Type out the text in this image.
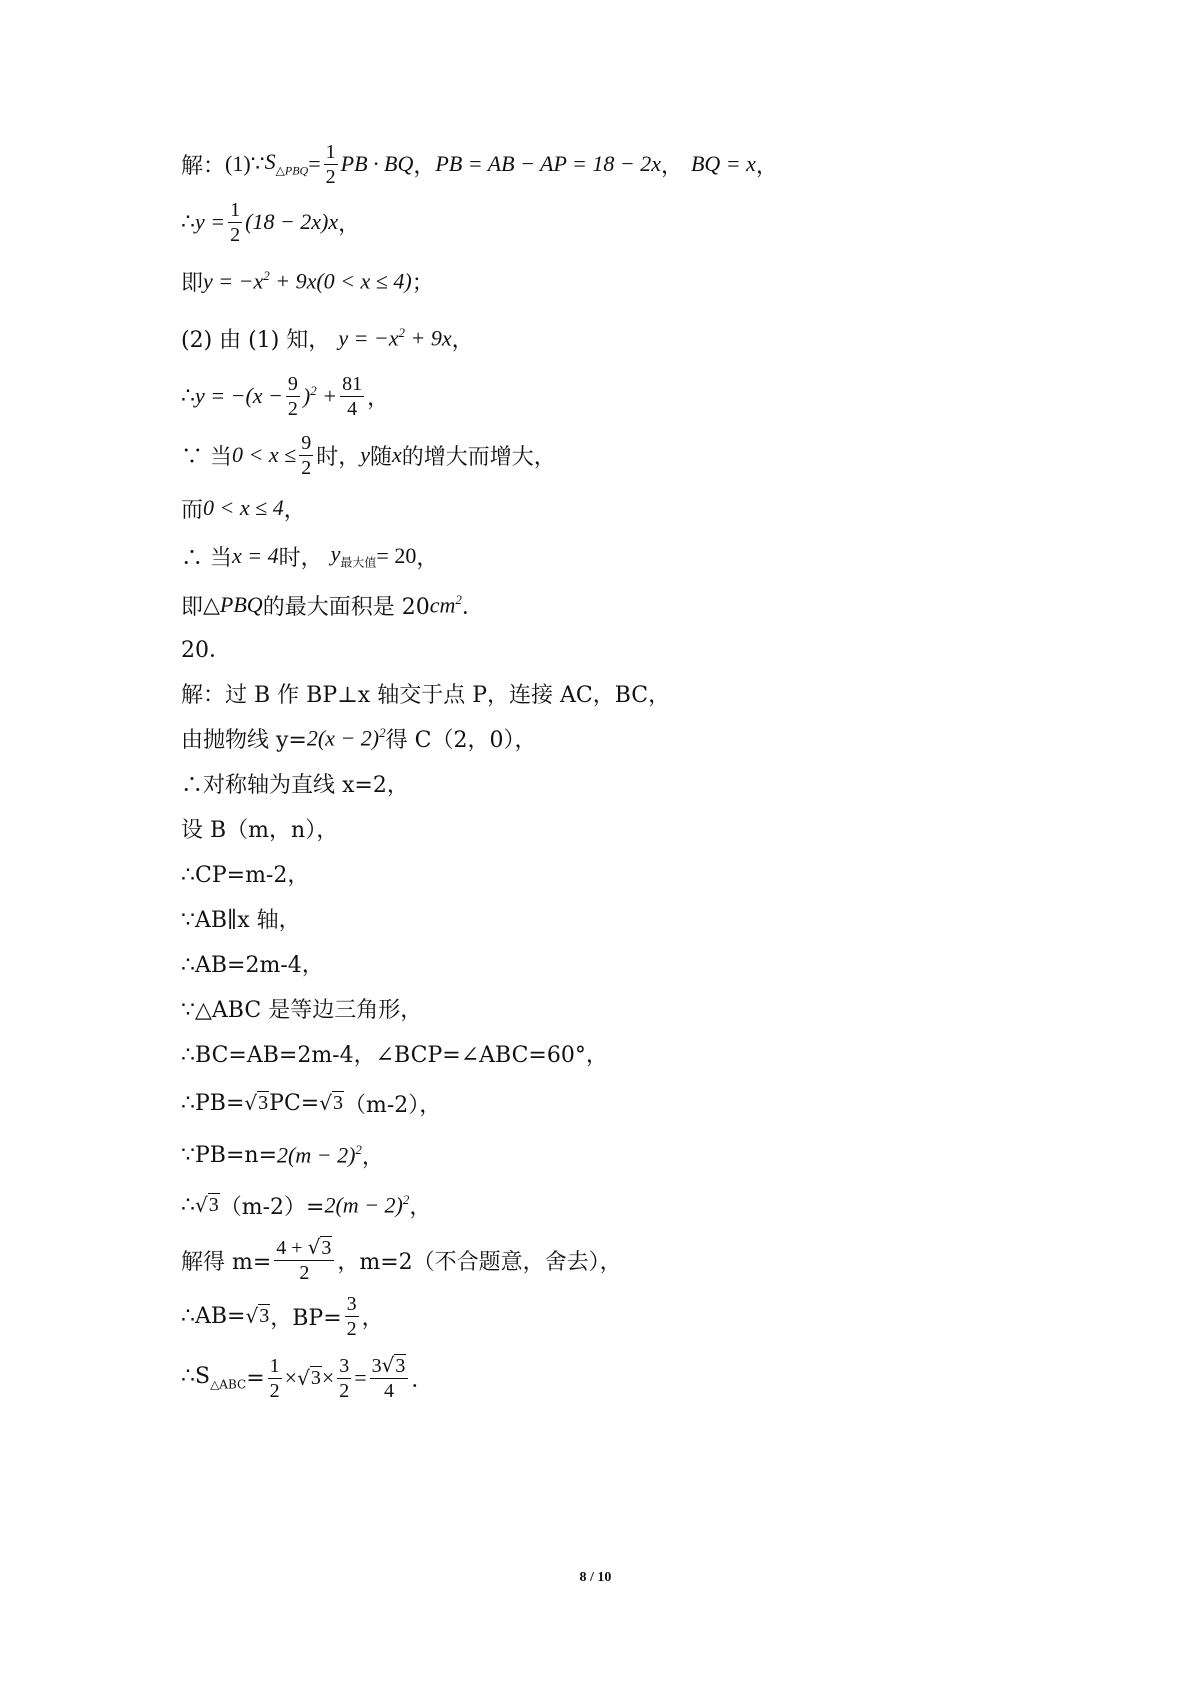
解： (1)∵ $S_{\triangle PBQ} = \frac{1}{2}$ PB · BQ ， PB = AB − AP = 18 − 2x ， BQ = x ，
∴ $y = \frac{1}{2} (18 - 2x)x$ ，
即 $y = -x^2 + 9x(0 < x \le 4)$ ；
(2) 由 (1) 知， $y = -x^2 + 9x$ ，
∴ $y = -(x - \frac{9}{2} )^2 + \frac{81}{4}$ ，
∵ 当 $0 < x \le \frac{9}{2}$ 时， y 随 x 的增大而增大，
而 0 < x ≤ 4 ，
∴ 当 x = 4 时， $y_{最大值} = 20$ ，
即 △PBQ 的最大面积是 20 $cm^2$ ．
20．
解：过 B 作 BP⊥x 轴交于点 P，连接 AC，BC，
由抛物线 $y= 2(x - 2)^2$ 得 C（2，0），
∴对称轴为直线 x=2，
设 B（m，n），
∴CP=m-2，
∵AB∥x 轴，
∴AB=2m-4，
∵△ABC 是等边三角形，
∴BC=AB=2m-4，∠BCP=∠ABC=60°，
∴PB= √ 3 PC= √ 3 （m-2），
∵PB=n= $2(m - 2)^2$ ，
∴ √ 3 $(m-2)= 2(m - 2)^2$ ，
解得 $m= \frac{4 + √ 3}{2}$ ，m=2（不合题意，舍去），
∴AB= √ 3 ，$BP= \frac{3}{2}$ ，
$\therefore S_{\triangle ABC} = \frac{1}{2}$ × √ $3 \times \frac{3}{2} = \frac{3 √ 3}{4}$ ．
8 / 10
